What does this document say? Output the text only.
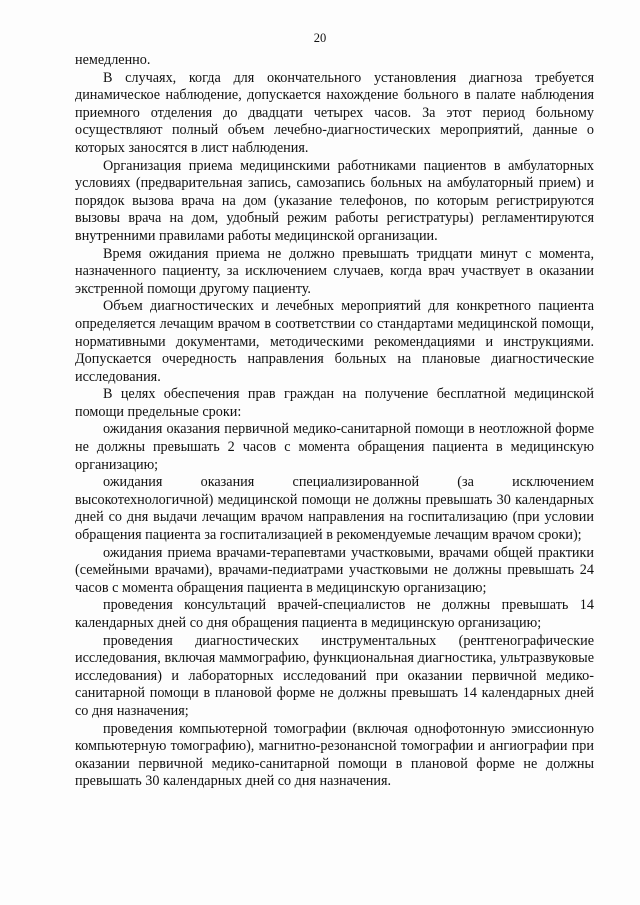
20

немедленно.

В случаях, когда для окончательного установления диагноза требуется динамическое наблюдение, допускается нахождение больного в палате наблюдения приемного отделения до двадцати четырех часов. За этот период больному осуществляют полный объем лечебно-диагностических мероприятий, данные о которых заносятся в лист наблюдения.

Организация приема медицинскими работниками пациентов в амбулаторных условиях (предварительная запись, самозапись больных на амбулаторный прием) и порядок вызова врача на дом (указание телефонов, по которым регистрируются вызовы врача на дом, удобный режим работы регистратуры) регламентируются внутренними правилами работы медицинской организации.

Время ожидания приема не должно превышать тридцати минут с момента, назначенного пациенту, за исключением случаев, когда врач участвует в оказании экстренной помощи другому пациенту.

Объем диагностических и лечебных мероприятий для конкретного пациента определяется лечащим врачом в соответствии со стандартами медицинской помощи, нормативными документами, методическими рекомендациями и инструкциями. Допускается очередность направления больных на плановые диагностические исследования.

В целях обеспечения прав граждан на получение бесплатной медицинской помощи предельные сроки:

ожидания оказания первичной медико-санитарной помощи в неотложной форме не должны превышать 2 часов с момента обращения пациента в медицинскую организацию;

ожидания оказания специализированной (за исключением высокотехнологичной) медицинской помощи не должны превышать 30 календарных дней со дня выдачи лечащим врачом направления на госпитализацию (при условии обращения пациента за госпитализацией в рекомендуемые лечащим врачом сроки);

ожидания приема врачами-терапевтами участковыми, врачами общей практики (семейными врачами), врачами-педиатрами участковыми не должны превышать 24 часов с момента обращения пациента в медицинскую организацию;

проведения консультаций врачей-специалистов не должны превышать 14 календарных дней со дня обращения пациента в медицинскую организацию;

проведения диагностических инструментальных (рентгенографические исследования, включая маммографию, функциональная диагностика, ультразвуковые исследования) и лабораторных исследований при оказании первичной медико-санитарной помощи в плановой форме не должны превышать 14 календарных дней со дня назначения;

проведения компьютерной томографии (включая однофотонную эмиссионную компьютерную томографию), магнитно-резонансной томографии и ангиографии при оказании первичной медико-санитарной помощи в плановой форме не должны превышать 30 календарных дней со дня назначения.
